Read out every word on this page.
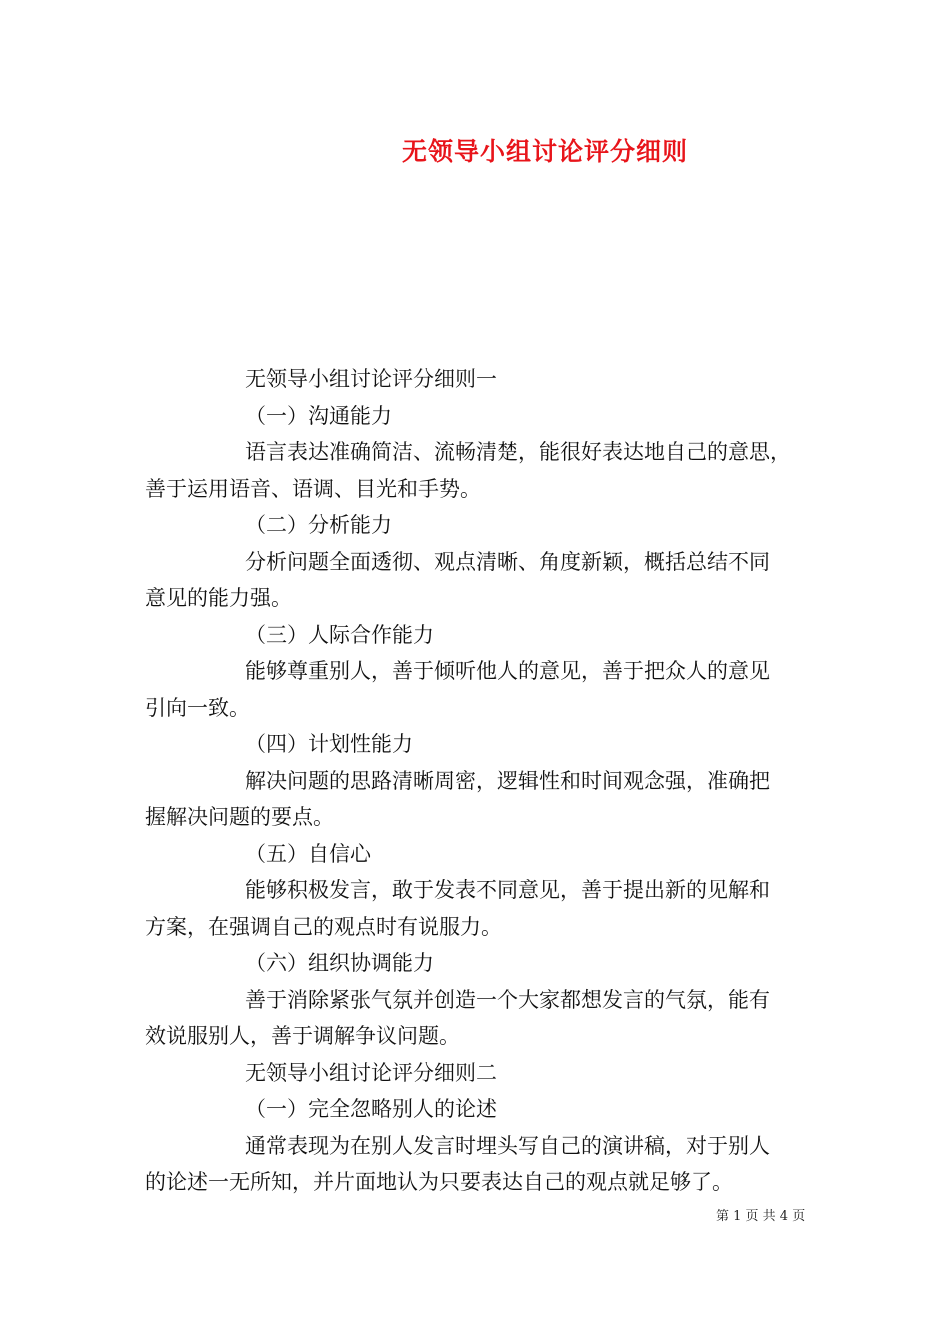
无领导小组讨论评分细则

无领导小组讨论评分细则一

（一）沟通能力

语言表达准确简洁、流畅清楚，能很好表达地自己的意思，

善于运用语音、语调、目光和手势。

（二）分析能力

分析问题全面透彻、观点清晰、角度新颖，概括总结不同

意见的能力强。

（三）人际合作能力

能够尊重别人，善于倾听他人的意见，善于把众人的意见

引向一致。

（四）计划性能力

解决问题的思路清晰周密，逻辑性和时间观念强，准确把

握解决问题的要点。

（五）自信心

能够积极发言，敢于发表不同意见，善于提出新的见解和

方案，在强调自己的观点时有说服力。

（六）组织协调能力

善于消除紧张气氛并创造一个大家都想发言的气氛，能有

效说服别人，善于调解争议问题。

无领导小组讨论评分细则二

（一）完全忽略别人的论述

通常表现为在别人发言时埋头写自己的演讲稿，对于别人

的论述一无所知，并片面地认为只要表达自己的观点就足够了。

第 1 页 共 4 页
